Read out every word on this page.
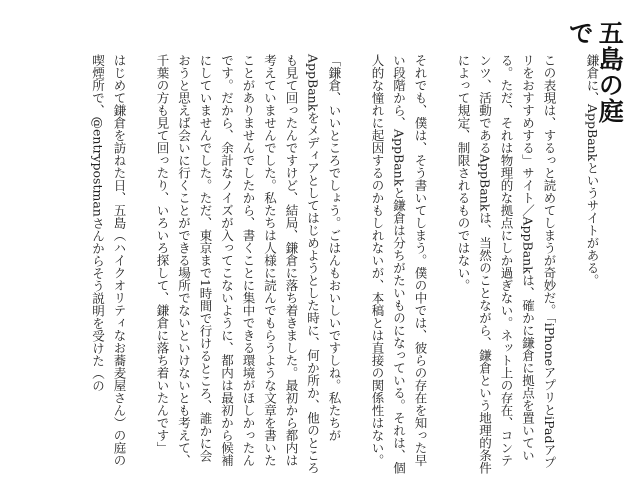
五島の庭で

鎌倉に、AppBankというサイトがある。

この表現は、するっと読めてしまうが奇妙だ。「iPhoneアプリとiPadアプリをおすすめする」サイト／AppBankは、確かに鎌倉に拠点を置いている。ただ、それは物理的な拠点にしか過ぎない。ネット上の存在、コンテンツ、活動であるAppBankは、当然のことながら、鎌倉という地理的条件によって規定、制限されるものではない。

それでも、僕は、そう書いてしまう。僕の中では、彼らの存在を知った早い段階から、AppBankと鎌倉は分ちがたいものになっている。それは、個人的な憧れに起因するのかもしれないが、本稿とは直接の関係性はない。

「鎌倉、いいところでしょう。ごはんもおいしいですしね。私たちがAppBankをメディアとしてはじめようとした時に、何か所か、他のところも見て回ったんですけど、結局、鎌倉に落ち着きました。最初から都内は考えていませんでした。私たちは人様に読んでもらうような文章を書いたことがありませんでしたから、書くことに集中できる環境がほしかったんです。だから、余計なノイズが入ってこないように、都内は最初から候補にしていませんでした。ただ、東京まで1時間で行けるところ、誰かに会おうと思えば会いに行くことができる場所でないといけないとも考えて、千葉の方も見て回ったり、いろいろ探して、鎌倉に落ち着いたんです」

はじめて鎌倉を訪ねた日、五島（ハイクオリティなお蕎麦屋さん）の庭の喫煙所で、@entrypostmanさんからそう説明を受けた（の
